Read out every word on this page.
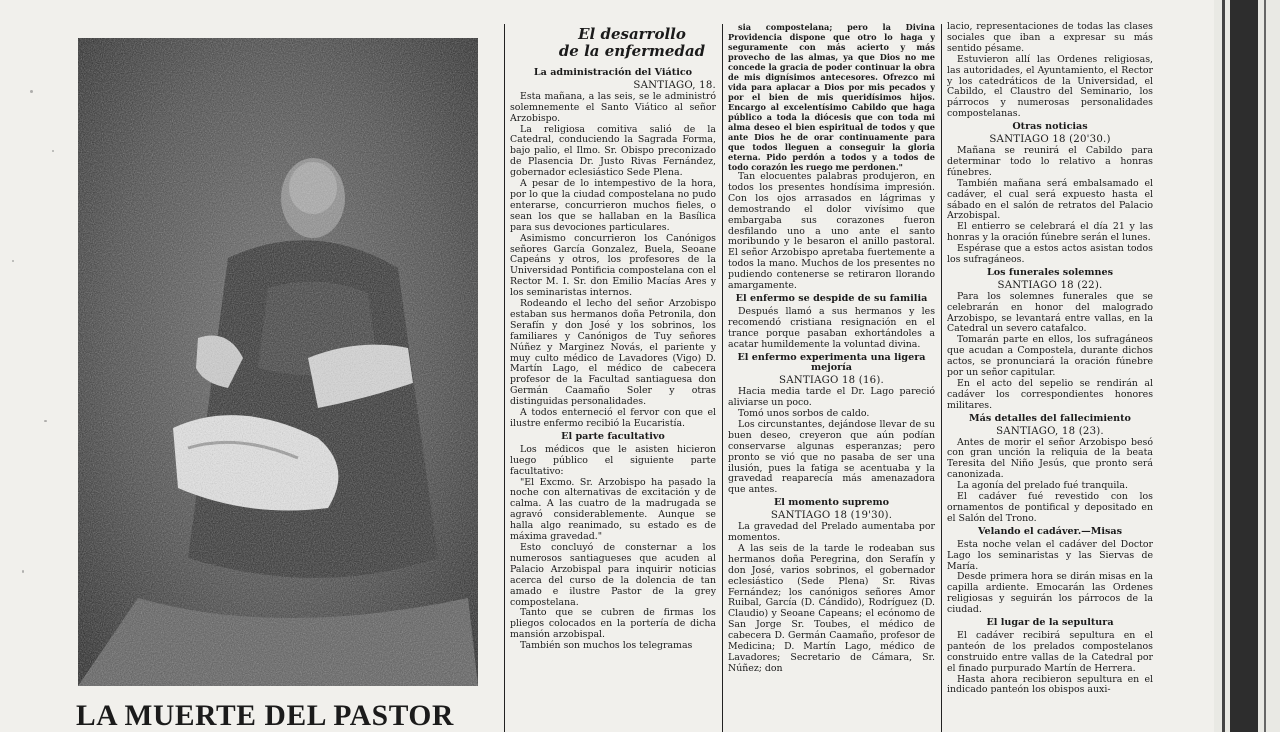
LA MUERTE DEL PASTOR
El desarrollo
de la enfermedad

La administración del Viático

SANTIAGO, 18.

Esta mañana, a las seis, se le administró solemnemente el Santo Viático al señor Arzobispo.

La religiosa comitiva salió de la Catedral, conduciendo la Sagrada Forma, bajo palio, el Ilmo. Sr. Obispo preconizado de Plasencia Dr. Justo Rivas Fernández, gobernador eclesiástico Sede Plena.

A pesar de lo intempestivo de la hora, por lo que la ciudad compostelana no pudo enterarse, concurrieron muchos fieles, o sean los que se hallaban en la Basílica para sus devociones particulares.

Asimismo concurrieron los Canónigos señores García Gonzalez, Buela, Seoane Capeáns y otros, los profesores de la Universidad Pontificia compostelana con el Rector M. I. Sr. don Emilio Macías Ares y los seminaristas internos.

Rodeando el lecho del señor Arzobispo estaban sus hermanos doña Petronila, don Serafín y don José y los sobrinos, los familiares y Canónigos de Tuy señores Núñez y Marginez Novás, el pariente y muy culto médico de Lavadores (Vigo) D. Martín Lago, el médico de cabecera profesor de la Facultad santiaguesa don Germán Caamaño Soler y otras distinguidas personalidades.

A todos enterneció el fervor con que el ilustre enfermo recibió la Eucaristía.

El parte facultativo

Los médicos que le asisten hicieron luego público el siguiente parte facultativo:

"El Excmo. Sr. Arzobispo ha pasado la noche con alternativas de excitación y de calma. A las cuatro de la madrugada se agravó considerablemente. Aunque se halla algo reanimado, su estado es de máxima gravedad."

Esto concluyó de consternar a los numerosos santiagueses que acuden al Palacio Arzobispal para inquirir noticias acerca del curso de la dolencia de tan amado e ilustre Pastor de la grey compostelana.

Tanto que se cubren de firmas los pliegos colocados en la portería de dicha mansión arzobispal.

También son muchos los telegramas

sia compostelana; pero la Divina Providencia dispone que otro lo haga y seguramente con más acierto y más provecho de las almas, ya que Dios no me concede la gracia de poder continuar la obra de mis dignísimos antecesores. Ofrezco mi vida para aplacar a Dios por mis pecados y por el bien de mis queridísimos hijos. Encargo al excelentísimo Cabildo que haga público a toda la diócesis que con toda mi alma deseo el bien espiritual de todos y que ante Dios he de orar continuamente para que todos lleguen a conseguir la gloria eterna. Pido perdón a todos y a todos de todo corazón les ruego me perdonen."

Tan elocuentes palabras produjeron, en todos los presentes hondísima impresión. Con los ojos arrasados en lágrimas y demostrando el dolor vivísimo que embargaba sus corazones fueron desfilando uno a uno ante el santo moribundo y le besaron el anillo pastoral. El señor Arzobispo apretaba fuertemente a todos la mano. Muchos de los presentes no pudiendo contenerse se retiraron llorando amargamente.

El enfermo se despide de su familia

Después llamó a sus hermanos y les recomendó cristiana resignación en el trance porque pasaban exhortándoles a acatar humildemente la voluntad divina.

El enfermo experimenta una ligera mejoría

SANTIAGO 18 (16).

Hacia media tarde el Dr. Lago pareció aliviarse un poco.

Tomó unos sorbos de caldo.

Los circunstantes, dejándose llevar de su buen deseo, creyeron que aún podían conservarse algunas esperanzas; pero pronto se vió que no pasaba de ser una ilusión, pues la fatiga se acentuaba y la gravedad reaparecía más amenazadora que antes.

El momento supremo

SANTIAGO 18 (19'30).

La gravedad del Prelado aumentaba por momentos.

A las seis de la tarde le rodeaban sus hermanos doña Peregrina, don Serafín y don José, varios sobrinos, el gobernador eclesiástico (Sede Plena) Sr. Rivas Fernández; los canónigos señores Amor Ruibal, García (D. Cándido), Rodríguez (D. Claudio) y Seoane Capeans; el ecónomo de San Jorge Sr. Toubes, el médico de cabecera D. Germán Caamaño, profesor de Medicina; D. Martín Lago, médico de Lavadores; Secretario de Cámara, Sr. Núñez; don

lacio, representaciones de todas las clases sociales que iban a expresar su más sentido pésame.

Estuvieron allí las Ordenes religiosas, las autoridades, el Ayuntamiento, el Rector y los catedráticos de la Universidad, el Cabildo, el Claustro del Seminario, los párrocos y numerosas personalidades compostelanas.

Otras noticias

SANTIAGO 18 (20'30.)

Mañana se reunirá el Cabildo para determinar todo lo relativo a honras fúnebres.

También mañana será embalsamado el cadáver, el cual será expuesto hasta el sábado en el salón de retratos del Palacio Arzobispal.

El entierro se celebrará el día 21 y las honras y la oración fúnebre serán el lunes.

Espérase que a estos actos asistan todos los sufragáneos.

Los funerales solemnes

SANTIAGO 18 (22).

Para los solemnes funerales que se celebrarán en honor del malogrado Arzobispo, se levantará entre vallas, en la Catedral un severo catafalco.

Tomarán parte en ellos, los sufragáneos que acudan a Compostela, durante dichos actos, se pronunciará la oración fúnebre por un señor capitular.

En el acto del sepelio se rendirán al cadáver los correspondientes honores militares.

Más detalles del fallecimiento

SANTIAGO, 18 (23).

Antes de morir el señor Arzobispo besó con gran unción la reliquia de la beata Teresita del Niño Jesús, que pronto será canonizada.

La agonía del prelado fué tranquila.

El cadáver fué revestido con los ornamentos de pontifical y depositado en el Salón del Trono.

Velando el cadáver.—Misas

Esta noche velan el cadáver del Doctor Lago los seminaristas y las Siervas de María.

Desde primera hora se dirán misas en la capilla ardiente. Emocarán las Ordenes religiosas y seguirán los párrocos de la ciudad.

El lugar de la sepultura

El cadáver recibirá sepultura en el panteón de los prelados compostelanos construido entre vallas de la Catedral por el finado purpurado Martín de Herrera.

Hasta ahora recibieron sepultura en el indicado panteón los obispos auxi-
